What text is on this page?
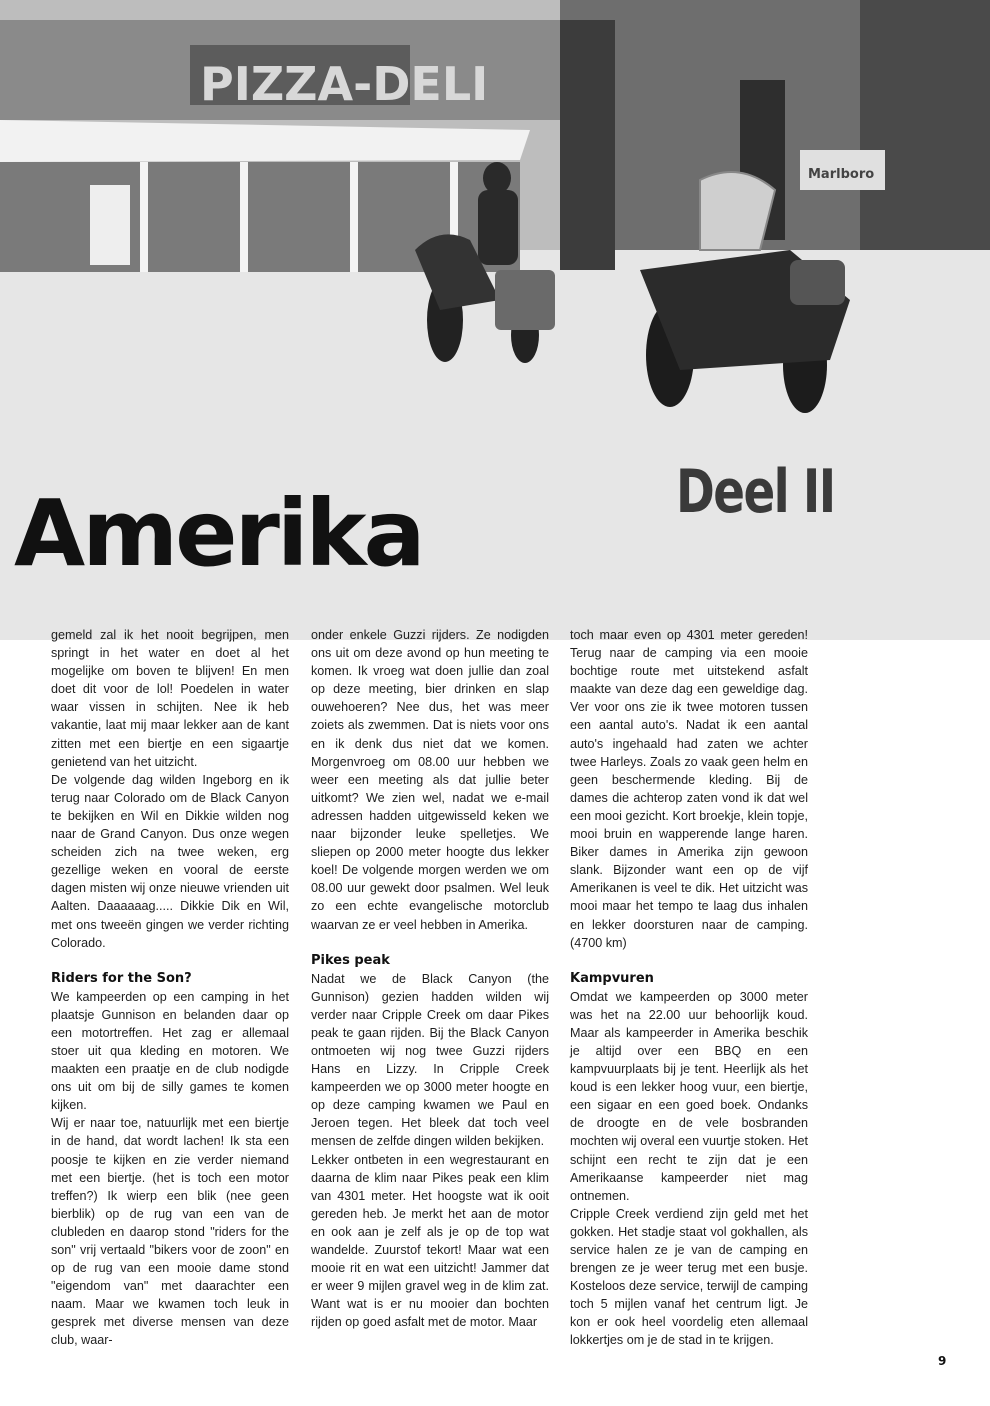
PIZZA-DELI
Marlboro
Amerika	Deel II

gemeld zal ik het nooit begrijpen, men springt in het water en doet al het mogelijke om boven te blijven! En men doet dit voor de lol! Poedelen in water waar vissen in schijten. Nee ik heb vakantie, laat mij maar lekker aan de kant zitten met een biertje en een sigaartje genietend van het uitzicht.

De volgende dag wilden Ingeborg en ik terug naar Colorado om de Black Canyon te bekijken en Wil en Dikkie wilden nog naar de Grand Canyon. Dus onze wegen scheiden zich na twee weken, erg gezellige weken en vooral de eerste dagen misten wij onze nieuwe vrienden uit Aalten. Daaaaaag..... Dikkie Dik en Wil, met ons tweeën gingen we verder richting Colorado.

Riders for the Son?

We kampeerden op een camping in het plaatsje Gunnison en belanden daar op een motortreffen. Het zag er allemaal stoer uit qua kleding en motoren. We maakten een praatje en de club nodigde ons uit om bij de silly games te komen kijken.

Wij er naar toe, natuurlijk met een biertje in de hand, dat wordt lachen! Ik sta een poosje te kijken en zie verder niemand met een biertje. (het is toch een motor treffen?) Ik wierp een blik (nee geen bierblik) op de rug van een van de clubleden en daarop stond "riders for the son" vrij vertaald "bikers voor de zoon" en op de rug van een mooie dame stond "eigendom van" met daarachter een naam. Maar we kwamen toch leuk in gesprek met diverse mensen van deze club, waar-

onder enkele Guzzi rijders. Ze nodigden ons uit om deze avond op hun meeting te komen. Ik vroeg wat doen jullie dan zoal op deze meeting, bier drinken en slap ouwehoeren? Nee dus, het was meer zoiets als zwemmen. Dat is niets voor ons en ik denk dus niet dat we komen. Morgenvroeg om 08.00 uur hebben we weer een meeting als dat jullie beter uitkomt? We zien wel, nadat we e-mail adressen hadden uitgewisseld keken we naar bijzonder leuke spelletjes. We sliepen op 2000 meter hoogte dus lekker koel! De volgende morgen werden we om 08.00 uur gewekt door psalmen. Wel leuk zo een echte evangelische motorclub waarvan ze er veel hebben in Amerika.

Pikes peak

Nadat we de Black Canyon (the Gunnison) gezien hadden wilden wij verder naar Cripple Creek om daar Pikes peak te gaan rijden. Bij the Black Canyon ontmoeten wij nog twee Guzzi rijders Hans en Lizzy. In Cripple Creek kampeerden we op 3000 meter hoogte en op deze camping kwamen we Paul en Jeroen tegen. Het bleek dat toch veel mensen de zelfde dingen wilden bekijken.

Lekker ontbeten in een wegrestaurant en daarna de klim naar Pikes peak een klim van 4301 meter. Het hoogste wat ik ooit gereden heb. Je merkt het aan de motor en ook aan je zelf als je op de top wat wandelde. Zuurstof tekort! Maar wat een mooie rit en wat een uitzicht! Jammer dat er weer 9 mijlen gravel weg in de klim zat. Want wat is er nu mooier dan bochten rijden op goed asfalt met de motor. Maar

toch maar even op 4301 meter gereden! Terug naar de camping via een mooie bochtige route met uitstekend asfalt maakte van deze dag een geweldige dag. Ver voor ons zie ik twee motoren tussen een aantal auto's. Nadat ik een aantal auto's ingehaald had zaten we achter twee Harleys. Zoals zo vaak geen helm en geen beschermende kleding. Bij de dames die achterop zaten vond ik dat wel een mooi gezicht. Kort broekje, klein topje, mooi bruin en wapperende lange haren. Biker dames in Amerika zijn gewoon slank. Bijzonder want een op de vijf Amerikanen is veel te dik. Het uitzicht was mooi maar het tempo te laag dus inhalen en lekker doorsturen naar de camping. (4700 km)

Kampvuren

Omdat we kampeerden op 3000 meter was het na 22.00 uur behoorlijk koud. Maar als kampeerder in Amerika beschik je altijd over een BBQ en een kampvuurplaats bij je tent. Heerlijk als het koud is een lekker hoog vuur, een biertje, een sigaar en een goed boek. Ondanks de droogte en de vele bosbranden mochten wij overal een vuurtje stoken. Het schijnt een recht te zijn dat je een Amerikaanse kampeerder niet mag ontnemen.

Cripple Creek verdiend zijn geld met het gokken. Het stadje staat vol gokhallen, als service halen ze je van de camping en brengen ze je weer terug met een busje. Kosteloos deze service, terwijl de camping toch 5 mijlen vanaf het centrum ligt. Je kon er ook heel voordelig eten allemaal lokkertjes om je de stad in te krijgen.

9
